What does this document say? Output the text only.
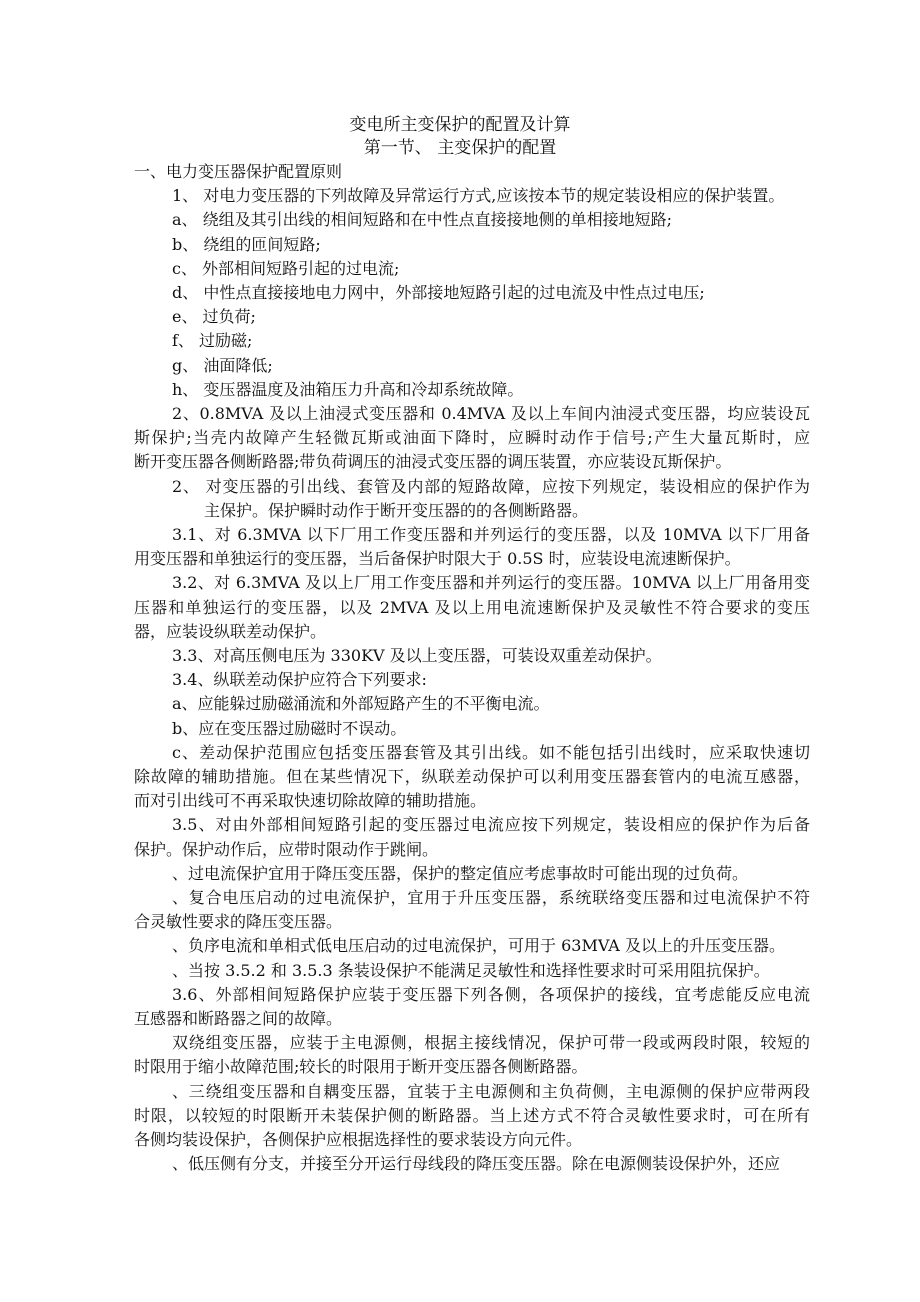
变电所主变保护的配置及计算
第一节、 主变保护的配置
一、电力变压器保护配置原则
1、 对电力变压器的下列故障及异常运行方式,应该按本节的规定装设相应的保护装置。
a、 绕组及其引出线的相间短路和在中性点直接接地侧的单相接地短路;
b、 绕组的匝间短路;
c、 外部相间短路引起的过电流;
d、 中性点直接接地电力网中，外部接地短路引起的过电流及中性点过电压;
e、 过负荷;
f、 过励磁;
g、 油面降低;
h、 变压器温度及油箱压力升高和冷却系统故障。
2、0.8MVA 及以上油浸式变压器和 0.4MVA 及以上车间内油浸式变压器，均应装设瓦
斯保护;当壳内故障产生轻微瓦斯或油面下降时，应瞬时动作于信号;产生大量瓦斯时，应
断开变压器各侧断路器;带负荷调压的油浸式变压器的调压装置，亦应装设瓦斯保护。
2、 对变压器的引出线、套管及内部的短路故障，应按下列规定，装设相应的保护作为
主保护。保护瞬时动作于断开变压器的的各侧断路器。
3.1、对 6.3MVA 以下厂用工作变压器和并列运行的变压器，以及 10MVA 以下厂用备
用变压器和单独运行的变压器，当后备保护时限大于 0.5S 时，应装设电流速断保护。
3.2、对 6.3MVA 及以上厂用工作变压器和并列运行的变压器。10MVA 以上厂用备用变
压器和单独运行的变压器，以及 2MVA 及以上用电流速断保护及灵敏性不符合要求的变压
器，应装设纵联差动保护。
3.3、对高压侧电压为 330KV 及以上变压器，可装设双重差动保护。
3.4、纵联差动保护应符合下列要求:
a、应能躲过励磁涌流和外部短路产生的不平衡电流。
b、应在变压器过励磁时不误动。
c、差动保护范围应包括变压器套管及其引出线。如不能包括引出线时，应采取快速切
除故障的辅助措施。但在某些情况下，纵联差动保护可以利用变压器套管内的电流互感器，
而对引出线可不再采取快速切除故障的辅助措施。
3.5、对由外部相间短路引起的变压器过电流应按下列规定，装设相应的保护作为后备
保护。保护动作后，应带时限动作于跳闸。
、过电流保护宜用于降压变压器，保护的整定值应考虑事故时可能出现的过负荷。
、复合电压启动的过电流保护，宜用于升压变压器，系统联络变压器和过电流保护不符
合灵敏性要求的降压变压器。
、负序电流和单相式低电压启动的过电流保护，可用于 63MVA 及以上的升压变压器。
、当按 3.5.2 和 3.5.3 条装设保护不能满足灵敏性和选择性要求时可采用阻抗保护。
3.6、外部相间短路保护应装于变压器下列各侧，各项保护的接线，宜考虑能反应电流
互感器和断路器之间的故障。
双绕组变压器，应装于主电源侧，根据主接线情况，保护可带一段或两段时限，较短的
时限用于缩小故障范围;较长的时限用于断开变压器各侧断路器。
、三绕组变压器和自耦变压器，宜装于主电源侧和主负荷侧，主电源侧的保护应带两段
时限，以较短的时限断开未装保护侧的断路器。当上述方式不符合灵敏性要求时，可在所有
各侧均装设保护，各侧保护应根据选择性的要求装设方向元件。
、低压侧有分支，并接至分开运行母线段的降压变压器。除在电源侧装设保护外，还应
